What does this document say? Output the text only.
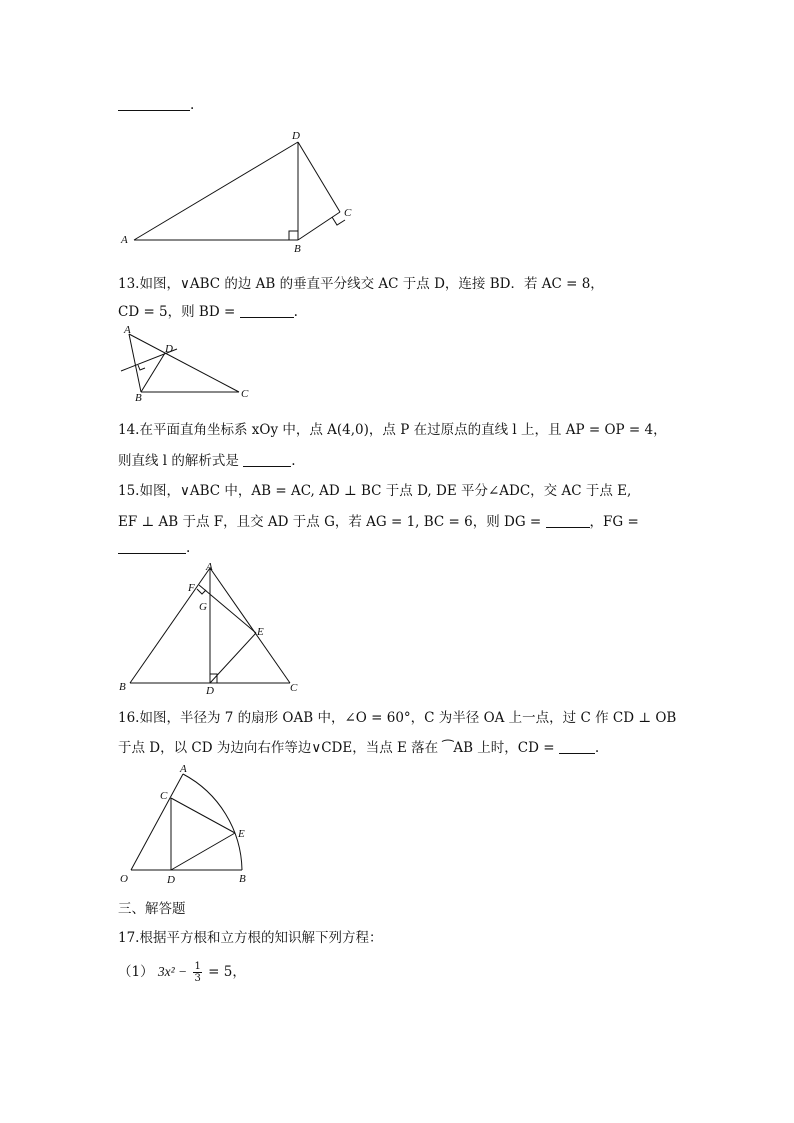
.
A
B
C
D
13.如图，∨ABC 的边 AB 的垂直平分线交 AC 于点 D，连接 BD．若 AC = 8，
CD = 5，则 BD =	.
A
B	C
D
14.在平面直角坐标系 xOy 中，点 A(4,0)，点 P 在过原点的直线 l 上，且 AP = OP = 4，
则直线 l 的解析式是	.
15.如图，∨ABC 中，AB = AC, AD ⊥ BC 于点 D, DE 平分∠ADC，交 AC 于点 E,
EF ⊥ AB 于点 F，且交 AD 于点 G，若 AG = 1, BC = 6，则 DG =	，FG =
.
A
B	C
D
E
F
G
16.如图，半径为 7 的扇形 OAB 中，∠O = 60°，C 为半径 OA 上一点，过 C 作 CD ⊥ OB
于点 D，以 CD 为边向右作等边∨CDE，当点 E 落在 ⁀AB 上时，CD =	.
A
B
C
D
E
O
三、解答题
17.根据平方根和立方根的知识解下列方程：
（1） $3x^2 - \frac{1}{3} = 5$，
